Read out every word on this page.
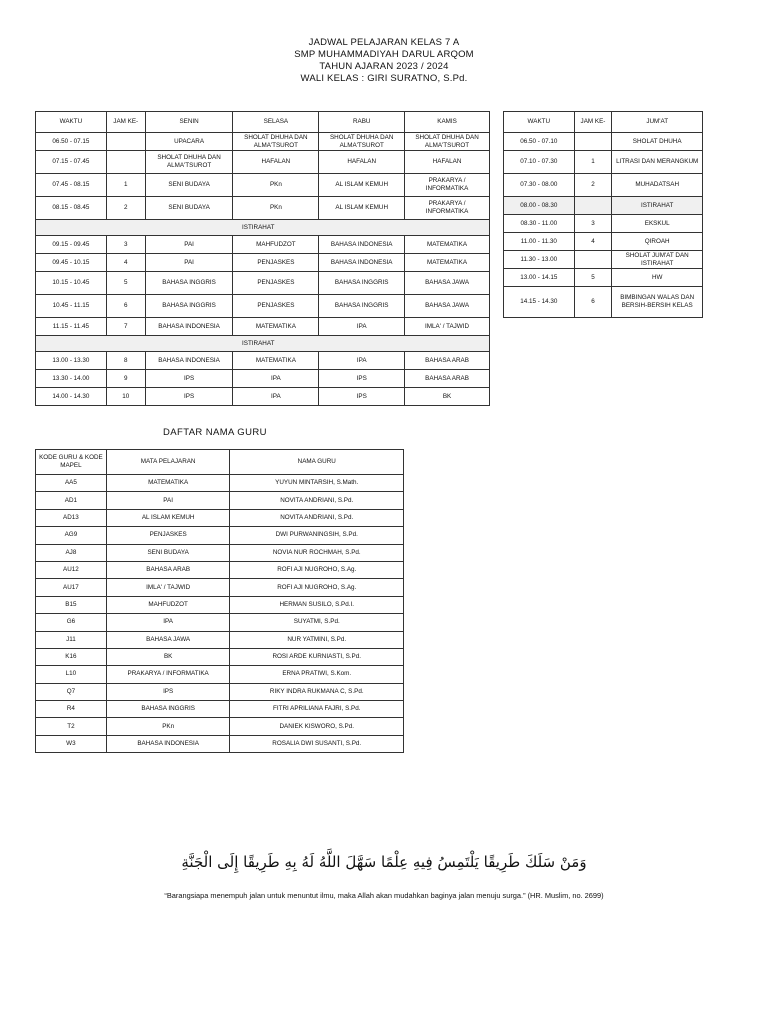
JADWAL PELAJARAN KELAS 7 A
SMP MUHAMMADIYAH DARUL ARQOM
TAHUN AJARAN 2023 / 2024
WALI KELAS : GIRI SURATNO, S.Pd.
WAKTU	JAM KE-	SENIN	SELASA	RABU	KAMIS
06.50 - 07.15		UPACARA	SHOLAT DHUHA DAN ALMA'TSUROT	SHOLAT DHUHA DAN ALMA'TSUROT	SHOLAT DHUHA DAN ALMA'TSUROT
07.15 - 07.45		SHOLAT DHUHA DAN ALMA'TSUROT	HAFALAN	HAFALAN	HAFALAN
07.45 - 08.15	1	SENI BUDAYA	PKn	AL ISLAM KEMUH	PRAKARYA / INFORMATIKA
08.15 - 08.45	2	SENI BUDAYA	PKn	AL ISLAM KEMUH	PRAKARYA / INFORMATIKA
ISTIRAHAT					
09.15 - 09.45	3	PAI	MAHFUDZOT	BAHASA INDONESIA	MATEMATIKA
09.45 - 10.15	4	PAI	PENJASKES	BAHASA INDONESIA	MATEMATIKA
10.15 - 10.45	5	BAHASA INGGRIS	PENJASKES	BAHASA INGGRIS	BAHASA JAWA
10.45 - 11.15	6	BAHASA INGGRIS	PENJASKES	BAHASA INGGRIS	BAHASA JAWA
11.15 - 11.45	7	BAHASA INDONESIA	MATEMATIKA	IPA	IMLA' / TAJWID
ISTIRAHAT					
13.00 - 13.30	8	BAHASA INDONESIA	MATEMATIKA	IPA	BAHASA ARAB
13.30 - 14.00	9	IPS	IPA	IPS	BAHASA ARAB
14.00 - 14.30	10	IPS	IPA	IPS	BK
WAKTU	JAM KE-	JUM'AT
06.50 - 07.10		SHOLAT DHUHA
07.10 - 07.30	1	LITRASI DAN MERANGKUM
07.30 - 08.00	2	MUHADATSAH
08.00 - 08.30		ISTIRAHAT
08.30 - 11.00	3	EKSKUL
11.00 - 11.30	4	QIROAH
11.30 - 13.00		SHOLAT JUM'AT DAN ISTIRAHAT
13.00 - 14.15	5	HW
14.15 - 14.30	6	BIMBINGAN WALAS DAN BERSIH-BERSIH KELAS
DAFTAR NAMA GURU
KODE GURU & KODE MAPEL	MATA PELAJARAN	NAMA GURU
AA5	MATEMATIKA	YUYUN MINTARSIH, S.Math.
AD1	PAI	NOVITA ANDRIANI, S.Pd.
AD13	AL ISLAM KEMUH	NOVITA ANDRIANI, S.Pd.
AG9	PENJASKES	DWI PURWANINGSIH, S.Pd.
AJ8	SENI BUDAYA	NOVIA NUR ROCHMAH, S.Pd.
AU12	BAHASA ARAB	ROFI AJI NUGROHO, S.Ag.
AU17	IMLA' / TAJWID	ROFI AJI NUGROHO, S.Ag.
B15	MAHFUDZOT	HERMAN SUSILO, S.Pd.I.
G6	IPA	SUYATMI, S.Pd.
J11	BAHASA JAWA	NUR YATMINI, S.Pd.
K16	BK	ROSI ARDE KURNIASTI, S.Pd.
L10	PRAKARYA / INFORMATIKA	ERNA PRATIWI, S.Kom.
Q7	IPS	RIKY INDRA RUKMANA C, S.Pd.
R4	BAHASA INGGRIS	FITRI APRILIANA FAJRI, S.Pd.
T2	PKn	DANIEK KISWORO, S.Pd.
W3	BAHASA INDONESIA	ROSALIA DWI SUSANTI, S.Pd.
وَمَنْ سَلَكَ طَرِيقًا يَلْتَمِسُ فِيهِ عِلْمًا سَهَّلَ اللَّهُ لَهُ بِهِ طَرِيقًا إِلَى الْجَنَّةِ
“Barangsiapa menempuh jalan untuk menuntut ilmu, maka Allah akan mudahkan baginya jalan menuju surga.” (HR. Muslim, no. 2699)
